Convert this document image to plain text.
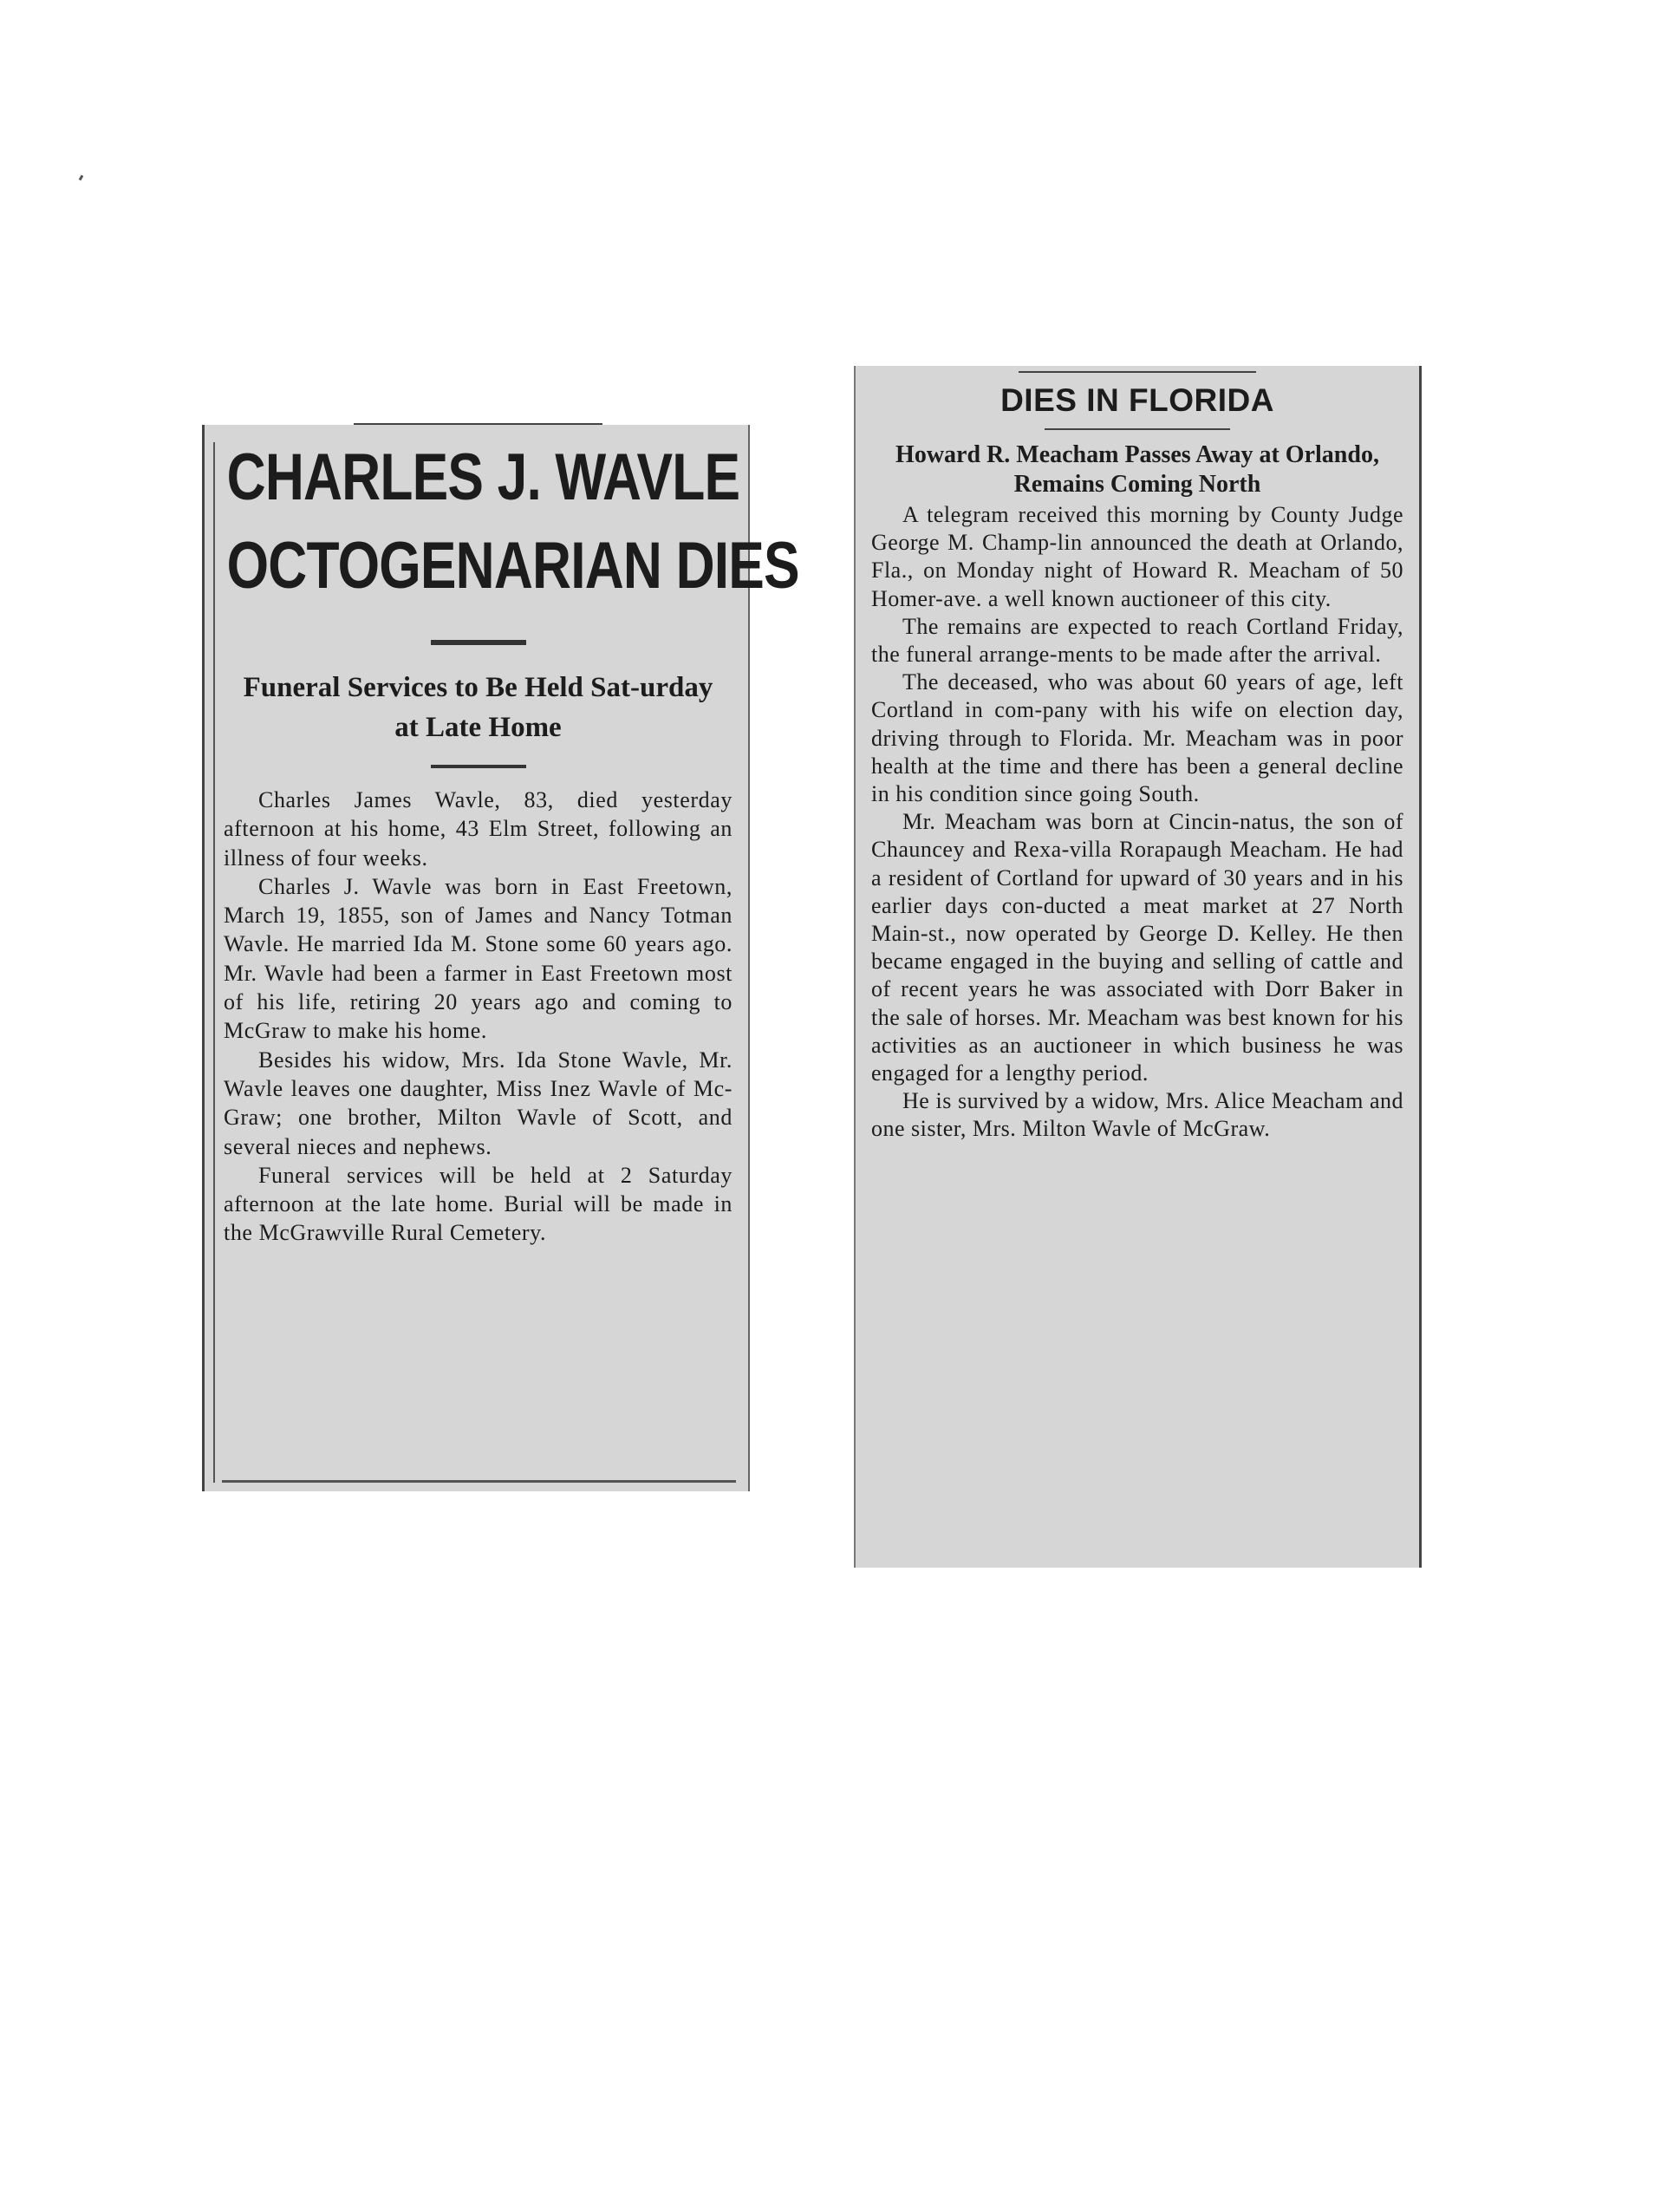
CHARLES J. WAVLE
OCTOGENARIAN DIES
Funeral Services to Be Held Sat-urday at Late Home

Charles James Wavle, 83, died yesterday afternoon at his home, 43 Elm Street, following an illness of four weeks.

Charles J. Wavle was born in East Freetown, March 19, 1855, son of James and Nancy Totman Wavle. He married Ida M. Stone some 60 years ago. Mr. Wavle had been a farmer in East Freetown most of his life, retiring 20 years ago and coming to McGraw to make his home.

Besides his widow, Mrs. Ida Stone Wavle, Mr. Wavle leaves one daughter, Miss Inez Wavle of Mc-Graw; one brother, Milton Wavle of Scott, and several nieces and nephews.

Funeral services will be held at 2 Saturday afternoon at the late home. Burial will be made in the McGrawville Rural Cemetery.

DIES IN FLORIDA
Howard R. Meacham Passes Away at Orlando, Remains Coming North

A telegram received this morning by County Judge George M. Champ-lin announced the death at Orlando, Fla., on Monday night of Howard R. Meacham of 50 Homer-ave. a well known auctioneer of this city.

The remains are expected to reach Cortland Friday, the funeral arrange-ments to be made after the arrival.

The deceased, who was about 60 years of age, left Cortland in com-pany with his wife on election day, driving through to Florida. Mr. Meacham was in poor health at the time and there has been a general decline in his condition since going South.

Mr. Meacham was born at Cincin-natus, the son of Chauncey and Rexa-villa Rorapaugh Meacham. He had a resident of Cortland for upward of 30 years and in his earlier days con-ducted a meat market at 27 North Main-st., now operated by George D. Kelley. He then became engaged in the buying and selling of cattle and of recent years he was associated with Dorr Baker in the sale of horses. Mr. Meacham was best known for his activities as an auctioneer in which business he was engaged for a lengthy period.

He is survived by a widow, Mrs. Alice Meacham and one sister, Mrs. Milton Wavle of McGraw.
